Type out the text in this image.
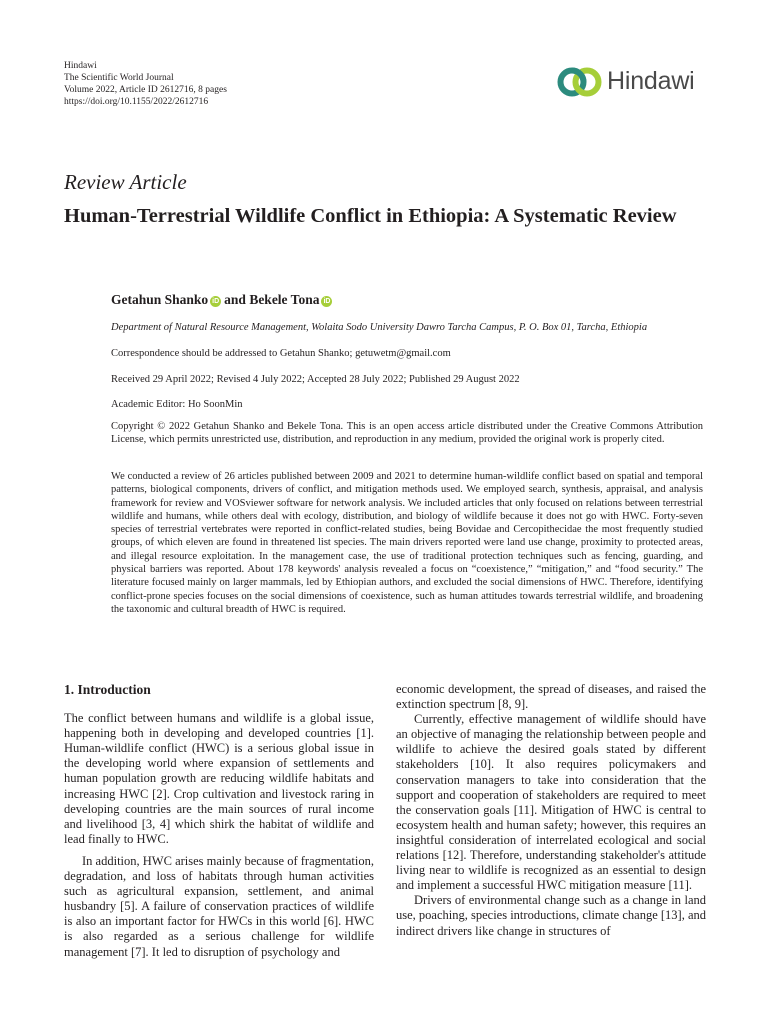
Hindawi
The Scientific World Journal
Volume 2022, Article ID 2612716, 8 pages
https://doi.org/10.1155/2022/2612716
Hindawi
Review Article
Human-Terrestrial Wildlife Conflict in Ethiopia: A Systematic Review
Getahun Shanko iD and Bekele Tona iD
Department of Natural Resource Management, Wolaita Sodo University Dawro Tarcha Campus, P. O. Box 01, Tarcha, Ethiopia
Correspondence should be addressed to Getahun Shanko; getuwetm@gmail.com
Received 29 April 2022; Revised 4 July 2022; Accepted 28 July 2022; Published 29 August 2022
Academic Editor: Ho SoonMin
Copyright © 2022 Getahun Shanko and Bekele Tona. This is an open access article distributed under the Creative Commons Attribution License, which permits unrestricted use, distribution, and reproduction in any medium, provided the original work is properly cited.
We conducted a review of 26 articles published between 2009 and 2021 to determine human-wildlife conflict based on spatial and temporal patterns, biological components, drivers of conflict, and mitigation methods used. We employed search, synthesis, appraisal, and analysis framework for review and VOSviewer software for network analysis. We included articles that only focused on relations between terrestrial wildlife and humans, while others deal with ecology, distribution, and biology of wildlife because it does not go with HWC. Forty-seven species of terrestrial vertebrates were reported in conflict-related studies, being Bovidae and Cercopithecidae the most frequently studied groups, of which eleven are found in threatened list species. The main drivers reported were land use change, proximity to protected areas, and illegal resource exploitation. In the management case, the use of traditional protection techniques such as fencing, guarding, and physical barriers was reported. About 178 keywords' analysis revealed a focus on “coexistence,” “mitigation,” and “food security.” The literature focused mainly on larger mammals, led by Ethiopian authors, and excluded the social dimensions of HWC. Therefore, identifying conflict-prone species focuses on the social dimensions of coexistence, such as human attitudes towards terrestrial wildlife, and broadening the taxonomic and cultural breadth of HWC is required.
1. Introduction

The conflict between humans and wildlife is a global issue, happening both in developing and developed countries [1]. Human-wildlife conflict (HWC) is a serious global issue in the developing world where expansion of settlements and human population growth are reducing wildlife habitats and increasing HWC [2]. Crop cultivation and livestock raring in developing countries are the main sources of rural income and livelihood [3, 4] which shirk the habitat of wildlife and lead finally to HWC.

In addition, HWC arises mainly because of fragmentation, degradation, and loss of habitats through human activities such as agricultural expansion, settlement, and animal husbandry [5]. A failure of conservation practices of wildlife is also an important factor for HWCs in this world [6]. HWC is also regarded as a serious challenge for wildlife management [7]. It led to disruption of psychology and

economic development, the spread of diseases, and raised the extinction spectrum [8, 9].

Currently, effective management of wildlife should have an objective of managing the relationship between people and wildlife to achieve the desired goals stated by different stakeholders [10]. It also requires policymakers and conservation managers to take into consideration that the support and cooperation of stakeholders are required to meet the conservation goals [11]. Mitigation of HWC is central to ecosystem health and human safety; however, this requires an insightful consideration of interrelated ecological and social relations [12]. Therefore, understanding stakeholder's attitude living near to wildlife is recognized as an essential to design and implement a successful HWC mitigation measure [11].

Drivers of environmental change such as a change in land use, poaching, species introductions, climate change [13], and indirect drivers like change in structures of
